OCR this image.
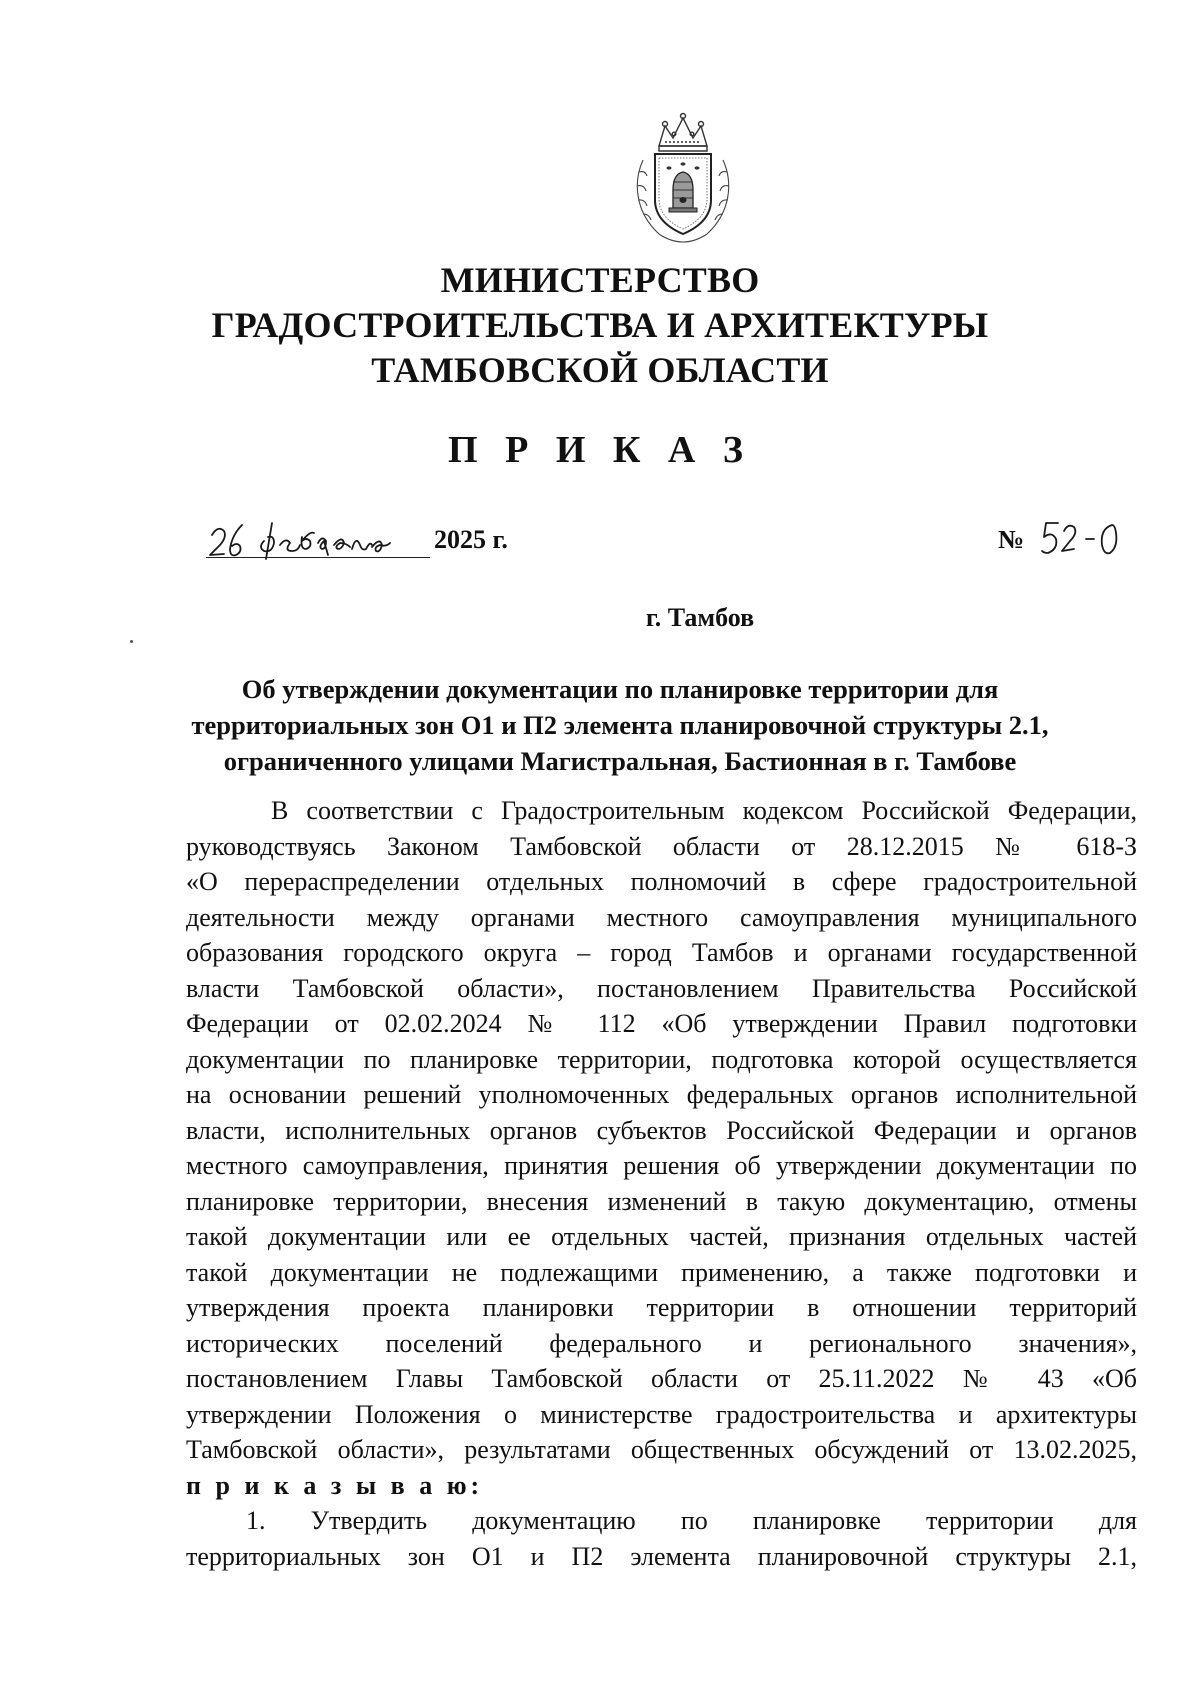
МИНИСТЕРСТВО
ГРАДОСТРОИТЕЛЬСТВА И АРХИТЕКТУРЫ
ТАМБОВСКОЙ ОБЛАСТИ
П Р И К А З
2025 г.	№
г. Тамбов
Об утверждении документации по планировке территории для
территориальных зон О1 и П2 элемента планировочной структуры 2.1,
ограниченного улицами Магистральная, Бастионная в г. Тамбове
В соответствии с Градостроительным кодексом Российской Федерации,
руководствуясь Законом Тамбовской области от 28.12.2015 № 618-З
«О перераспределении отдельных полномочий в сфере градостроительной
деятельности между органами местного самоуправления муниципального
образования городского округа – город Тамбов и органами государственной
власти Тамбовской области», постановлением Правительства Российской
Федерации от 02.02.2024 № 112 «Об утверждении Правил подготовки
документации по планировке территории, подготовка которой осуществляется
на основании решений уполномоченных федеральных органов исполнительной
власти, исполнительных органов субъектов Российской Федерации и органов
местного самоуправления, принятия решения об утверждении документации по
планировке территории, внесения изменений в такую документацию, отмены
такой документации или ее отдельных частей, признания отдельных частей
такой документации не подлежащими применению, а также подготовки и
утверждения проекта планировки территории в отношении территорий
исторических поселений федерального и регионального значения»,
постановлением Главы Тамбовской области от 25.11.2022 № 43 «Об
утверждении Положения о министерстве градостроительства и архитектуры
Тамбовской области», результатами общественных обсуждений от 13.02.2025,
п р и к а з ы в а ю:
1. Утвердить документацию по планировке территории для
территориальных зон О1 и П2 элемента планировочной структуры 2.1,
